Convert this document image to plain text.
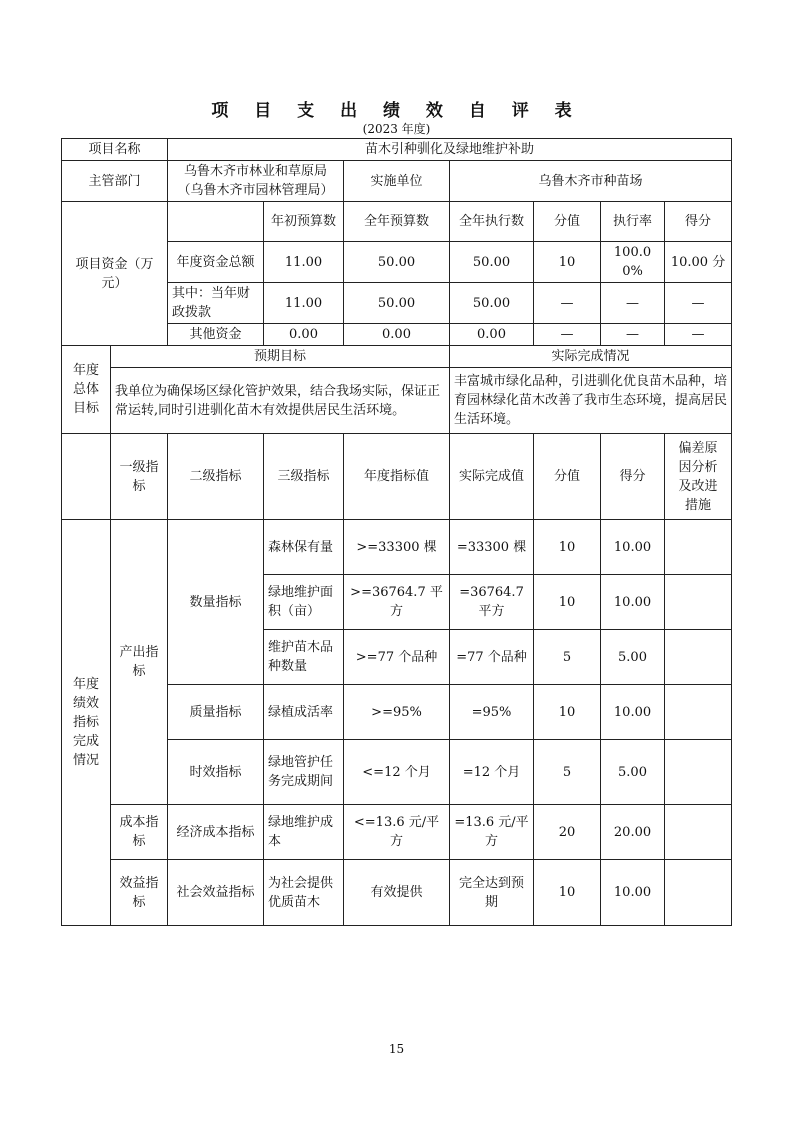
项 目 支 出 绩 效 自 评 表
(2023 年度)
项目名称		苗木引种驯化及绿地维护补助						
主管部门		乌鲁木齐市林业和草原局（乌鲁木齐市园林管理局）		实施单位	乌鲁木齐市种苗场			
项目资金（万元）			年初预算数	全年预算数	全年执行数	分值	执行率	得分
		年度资金总额	11.00	50.00	50.00	10	100.00%	10.00 分
		其中：当年财政拨款	11.00	50.00	50.00	—	—	—
		其他资金	0.00	0.00	0.00	—	—	—
年度总体目标	预期目标				实际完成情况			
	我单位为确保场区绿化管护效果，结合我场实际，保证正常运转,同时引进驯化苗木有效提供居民生活环境。				丰富城市绿化品种，引进驯化优良苗木品种，培育园林绿化苗木改善了我市生态环境，提高居民生活环境。			
	一级指标	二级指标	三级指标	年度指标值	实际完成值	分值	得分	偏差原因分析及改进措施
年度绩效指标完成情况	产出指标	数量指标	森林保有量	>=33300 棵	=33300 棵	10	10.00	
			绿地维护面积（亩）	>=36764.7 平方	=36764.7 平方	10	10.00	
			维护苗木品种数量	>=77 个品种	=77 个品种	5	5.00	
		质量指标	绿植成活率	>=95%	=95%	10	10.00	
		时效指标	绿地管护任务完成期间	<=12 个月	=12 个月	5	5.00	
	成本指标	经济成本指标	绿地维护成本	<=13.6 元/平方	=13.6 元/平方	20	20.00	
	效益指标	社会效益指标	为社会提供优质苗木	有效提供	完全达到预期	10	10.00	
15
